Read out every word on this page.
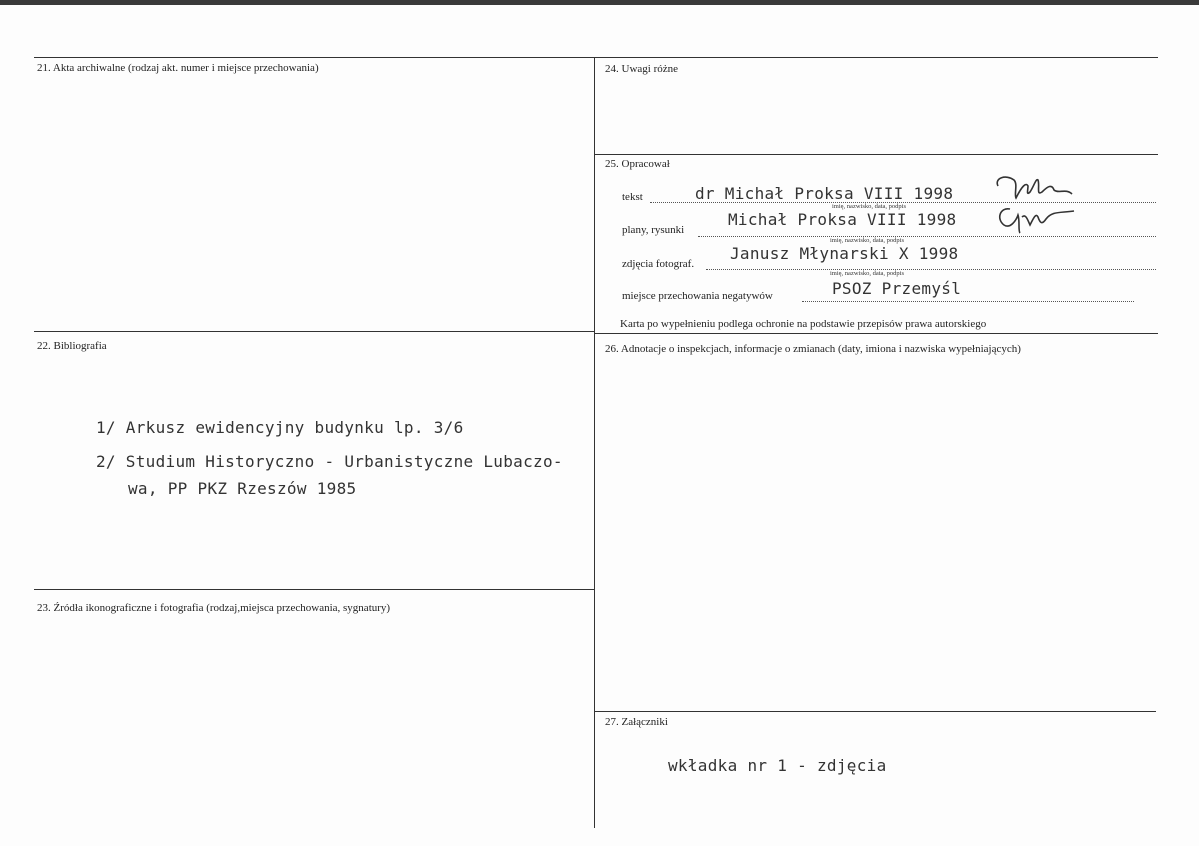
21. Akta archiwalne (rodzaj akt. numer i miejsce przechowania)
22. Bibliografia
1/ Arkusz ewidencyjny budynku lp. 3/6
2/ Studium Historyczno - Urbanistyczne Lubaczo-
wa, PP PKZ Rzeszów 1985
23. Źródła ikonograficzne i fotografia (rodzaj,miejsca przechowania, sygnatury)
24. Uwagi różne
25. Opracował
tekst	dr Michał Proksa VIII 1998
imię, nazwisko, data, podpis
plany, rysunki
Michał Proksa VIII 1998
imię, nazwisko, data, podpis
zdjęcia fotograf.
Janusz Młynarski X 1998
imię, nazwisko, data, podpis
miejsce przechowania negatywów	PSOZ Przemyśl
Karta po wypełnieniu podlega ochronie na podstawie przepisów prawa autorskiego
26. Adnotacje o inspekcjach, informacje o zmianach (daty, imiona i nazwiska wypełniających)
27. Załączniki
wkładka nr 1 - zdjęcia
